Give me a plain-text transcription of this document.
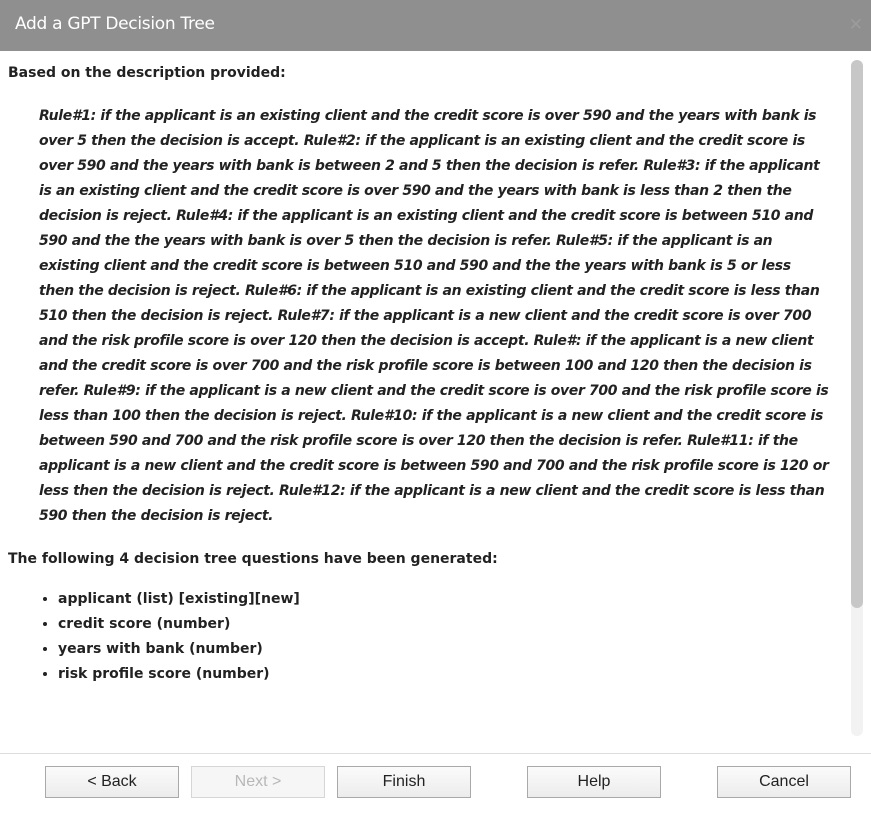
Add a GPT Decision Tree	✕

Based on the description provided:

Rule#1: if the applicant is an existing client and the credit score is over 590 and the years with bank is over 5 then the decision is accept. Rule#2: if the applicant is an existing client and the credit score is over 590 and the years with bank is between 2 and 5 then the decision is refer. Rule#3: if the applicant is an existing client and the credit score is over 590 and the years with bank is less than 2 then the decision is reject. Rule#4: if the applicant is an existing client and the credit score is between 510 and 590 and the the years with bank is over 5 then the decision is refer. Rule#5: if the applicant is an existing client and the credit score is between 510 and 590 and the the years with bank is 5 or less then the decision is reject. Rule#6: if the applicant is an existing client and the credit score is less than 510 then the decision is reject. Rule#7: if the applicant is a new client and the credit score is over 700 and the risk profile score is over 120 then the decision is accept. Rule#: if the applicant is a new client and the credit score is over 700 and the risk profile score is between 100 and 120 then the decision is refer. Rule#9: if the applicant is a new client and the credit score is over 700 and the risk profile score is less than 100 then the decision is reject. Rule#10: if the applicant is a new client and the credit score is between 590 and 700 and the risk profile score is over 120 then the decision is refer. Rule#11: if the applicant is a new client and the credit score is between 590 and 700 and the risk profile score is 120 or less then the decision is reject. Rule#12: if the applicant is a new client and the credit score is less than 590 then the decision is reject.

The following 4 decision tree questions have been generated:

• applicant (list) [existing][new]
• credit score (number)
• years with bank (number)
• risk profile score (number)

< Back	Next >	Finish	Help	Cancel
